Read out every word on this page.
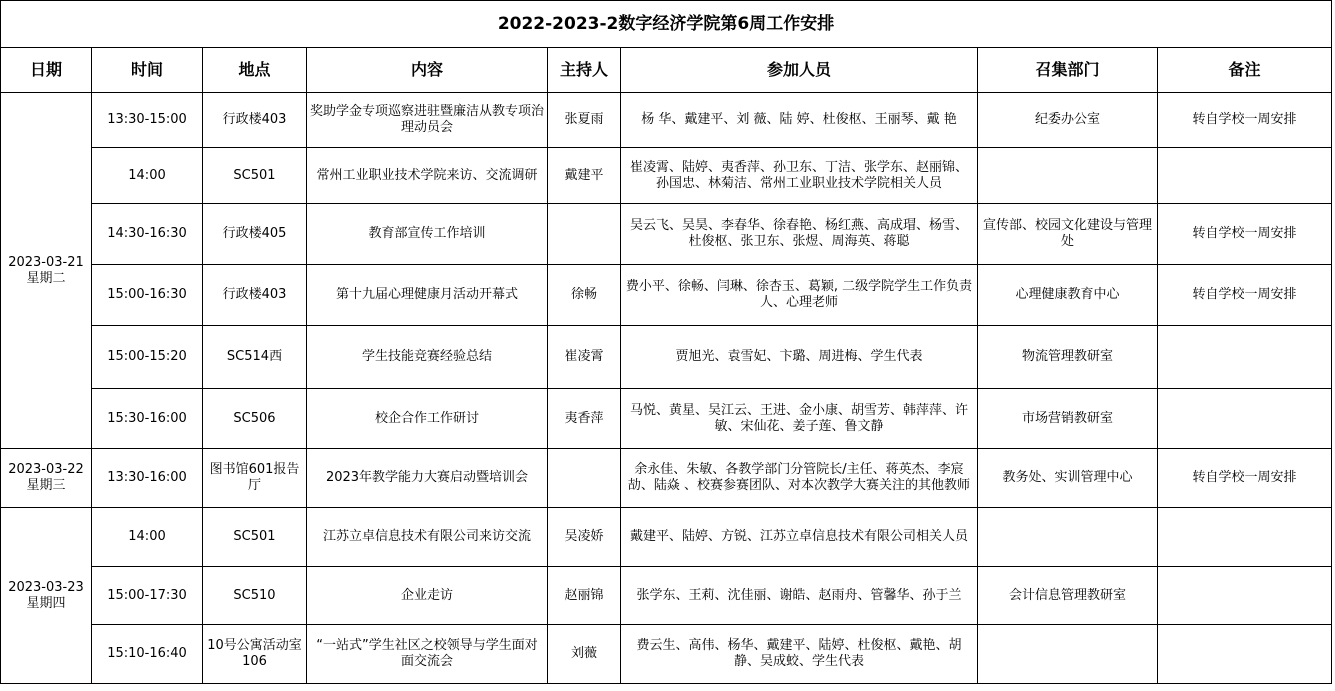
2022-2023-2数字经济学院第6周工作安排							
日期	时间	地点	内容	主持人	参加人员	召集部门	备注
2023-03-21
星期二	13:30-15:00	行政楼403	奖助学金专项巡察进驻暨廉洁从教专项治理动员会	张夏雨	杨 华、戴建平、刘 薇、陆 婷、杜俊枢、王丽琴、戴 艳	纪委办公室	转自学校一周安排
	14:00	SC501	常州工业职业技术学院来访、交流调研	戴建平	崔凌霄、陆婷、夷香萍、孙卫东、丁洁、张学东、赵丽锦、孙国忠、林菊洁、常州工业职业技术学院相关人员		
	14:30-16:30	行政楼405	教育部宣传工作培训		吴云飞、吴昊、李春华、徐春艳、杨红燕、高成瑁、杨雪、杜俊枢、张卫东、张煜、周海英、蒋聪	宣传部、校园文化建设与管理处	转自学校一周安排
	15:00-16:30	行政楼403	第十九届心理健康月活动开幕式	徐畅	费小平、徐畅、闫琳、徐杏玉、葛颖, 二级学院学生工作负责人、心理老师	心理健康教育中心	转自学校一周安排
	15:00-15:20	SC514西	学生技能竞赛经验总结	崔凌霄	贾旭光、袁雪妃、卞璐、周进梅、学生代表	物流管理教研室	
	15:30-16:00	SC506	校企合作工作研讨	夷香萍	马悦、黄星、吴江云、王进、金小康、胡雪芳、韩萍萍、许敏、宋仙花、姜子莲、鲁文静	市场营销教研室	
2023-03-22
星期三	13:30-16:00	图书馆601报告厅	2023年教学能力大赛启动暨培训会		余永佳、朱敏、各教学部门分管院长/主任、蒋英杰、李宸劼、陆焱 、校赛参赛团队、对本次教学大赛关注的其他教师	教务处、实训管理中心	转自学校一周安排
2023-03-23
星期四	14:00	SC501	江苏立卓信息技术有限公司来访交流	吴凌娇	戴建平、陆婷、方锐、江苏立卓信息技术有限公司相关人员		
	15:00-17:30	SC510	企业走访	赵丽锦	张学东、王莉、沈佳丽、谢皓、赵雨舟、管馨华、孙于兰	会计信息管理教研室	
	15:10-16:40	10号公寓活动室106	“一站式”学生社区之校领导与学生面对面交流会	刘薇	费云生、高伟、杨华、戴建平、陆婷、杜俊枢、戴艳、胡静、吴成蛟、学生代表		
